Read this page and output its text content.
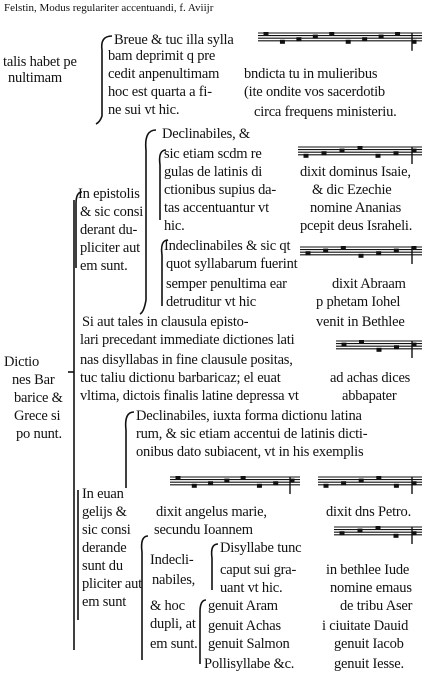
Felstin, Modus regulariter accentuandi, f. Aviijr
talis habet pe
nultimam
Dictio
nes Bar
barice &
Grece si
po nunt.
In epistolis
& sic consi
derant du-
pliciter aut
em sunt.
In euan
gelijs &
sic consi
derande
sunt du
pliciter aut
em sunt
Breue & tuc illa sylla
bam deprimit q pre
cedit anpenultimam
hoc est quarta a fi-
ne sui vt hic.
bndicta tu in mulieribus
(ite ondite vos sacerdotib
circa frequens ministeriu.
Declinabiles, &
sic etiam scdm re
gulas de latinis di
ctionibus supius da-
tas accentuantur vt
hic.
dixit dominus Isaie,
& dic Ezechie
nomine Ananias
pcepit deus Israheli.
Indeclinabiles & sic qt
quot syllabarum fuerint
semper penultima ear
detruditur vt hic
dixit Abraam
p phetam Iohel
venit in Bethlee
Si aut tales in clausula episto-
lari precedant immediate dictiones lati
nas disyllabas in fine clausule positas,
tuc taliu dictionu barbaricaz; el euat
vltima, dictois finalis latine depressa vt
ad achas dices
abbapater
Declinabiles, iuxta forma dictionu latina
rum, & sic etiam accentui de latinis dicti-
onibus dato subiacent, vt in his exemplis
dixit angelus marie,	dixit dns Petro.
secundu Ioannem
Indecli-
nabiles,
& hoc
dupli, at
em sunt.
Disyllabe tunc
caput sui gra-
uant vt hic.
in bethlee Iude
nomine emaus
genuit Aram
genuit Achas
genuit Salmon
Pollisyllabe &c.
de tribu Aser
i ciuitate Dauid
genuit Iacob
genuit Iesse.
